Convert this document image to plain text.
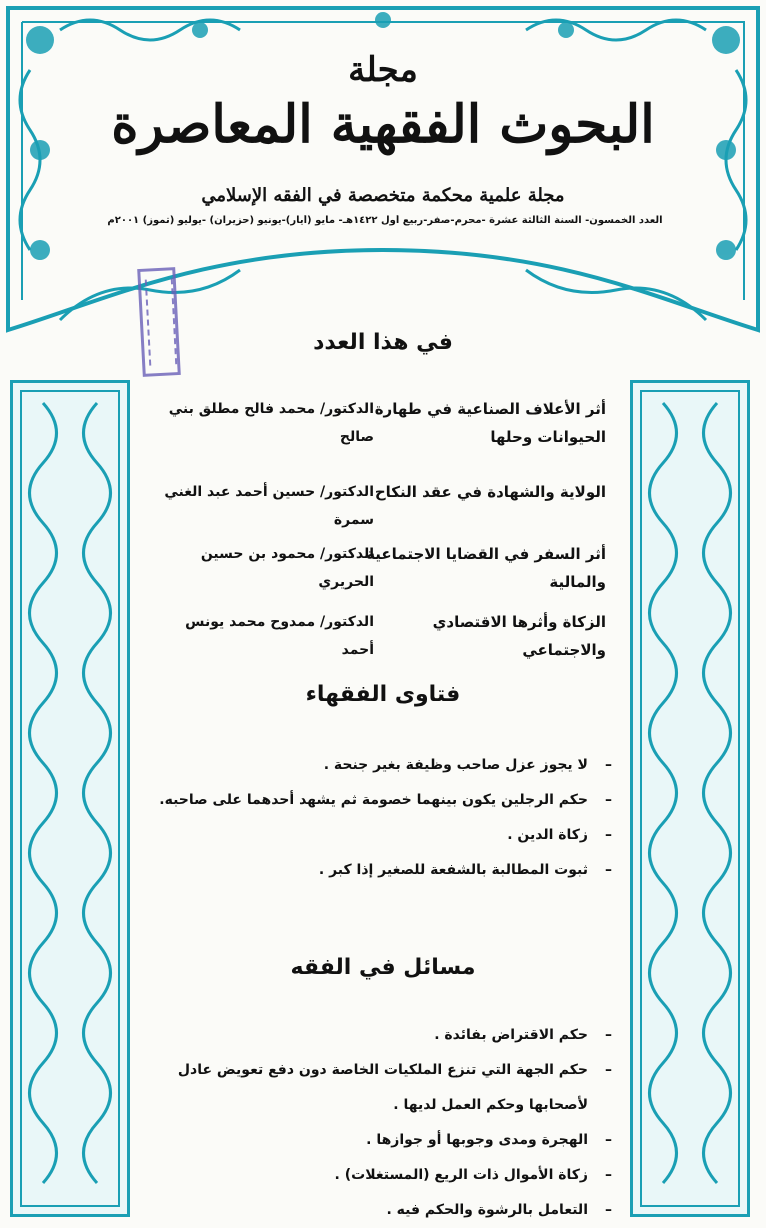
مجلة
البحوث الفقهية المعاصرة
مجلة علمية محكمة متخصصة في الفقه الإسلامي
العدد الخمسون- السنة الثالثة عشرة -محرم-صفر-ربيع أول ١٤٢٢هـ- مايو (أيار)-يونيو (حزيران) -يوليو (تموز) ٢٠٠١م
في هذا العدد
أثر الأعلاف الصناعية في طهارة الحيوانات وحلها
الدكتور/ محمد فالح مطلق بني صالح
الولاية والشهادة في عقد النكاح
الدكتور/ حسين أحمد عبد الغني سمرة
أثر السفر في القضايا الاجتماعية والمالية
الدكتور/ محمود بن حسين الحريري
الزكاة وأثرها الاقتصادي والاجتماعي
الدكتور/ ممدوح محمد يونس أحمد
فتاوى الفقهاء
– لا يجوز عزل صاحب وظيفة بغير جنحة .
– حكم الرجلين يكون بينهما خصومة ثم يشهد أحدهما على صاحبه.
– زكاة الدين .
– ثبوت المطالبة بالشفعة للصغير إذا كبر .
مسائل في الفقه
– حكم الاقتراض بفائدة .
– حكم الجهة التي تنزع الملكيات الخاصة دون دفع تعويض عادل لأصحابها وحكم العمل لديها .
– الهجرة ومدى وجوبها أو جوازها .
– زكاة الأموال ذات الريع (المستغلات) .
– التعامل بالرشوة والحكم فيه .
